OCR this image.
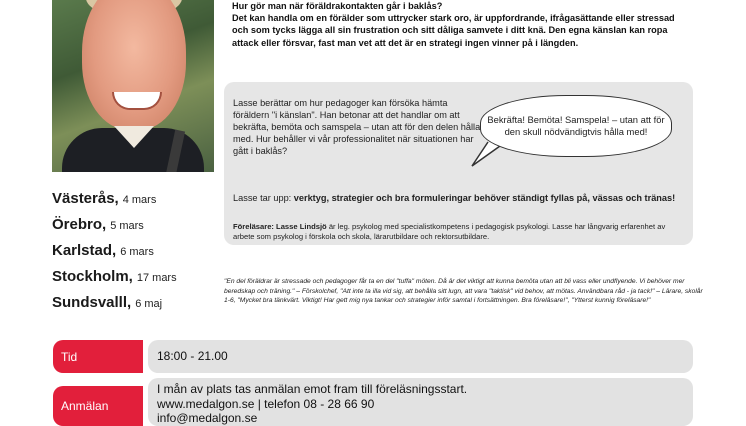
Hur gör man när föräldrakontakten går i baklås?

Det kan handla om en förälder som uttrycker stark oro, är uppfordrande, ifrågasättande eller stressad och som tycks lägga all sin frustration och sitt dåliga samvete i ditt knä. Den egna känslan kan ropa attack eller försvar, fast man vet att det är en strategi ingen vinner på i längden.

Lasse berättar om hur pedagoger kan försöka hämta föräldern "i känslan". Han betonar att det handlar om att bekräfta, bemöta och samspela – utan att för den delen hålla med. Hur behåller vi vår professionalitet när situationen har gått i baklås?
Bekräfta! Bemöta! Samspela! – utan att för den skull nödvändigtvis hålla med!
Lasse tar upp: verktyg, strategier och bra formuleringar behöver ständigt fyllas på, vässas och tränas!
Föreläsare: Lasse Lindsjö är leg. psykolog med specialistkompetens i pedagogisk psykologi. Lasse har långvarig erfarenhet av arbete som psykolog i förskola och skola, lärarutbildare och rektorsutbildare.
"En del föräldrar är stressade och pedagoger får ta en del "tuffa" möten. Då är det viktigt att kunna bemöta utan att bli vass eller undflyende. Vi behöver mer beredskap och träning." – Förskolchef, "Att inte ta illa vid sig, att behålla sitt lugn, att vara "taktisk" vid behov, att mötas. Användbara råd - ja tack!" – Lärare, skolår 1-6, "Mycket bra tänkvärt. Viktigt! Har gett mig nya tankar och strategier inför samtal i fortsättningen. Bra föreläsare!", "Ytterst kunnig föreläsare!"
Västerås, 4 mars
Örebro, 5 mars
Karlstad, 6 mars
Stockholm, 17 mars
Sundsvalll, 6 maj
Tid	18:00 - 21.00
Anmälan
I mån av plats tas anmälan emot fram till föreläsningsstart.
www.medalgon.se | telefon 08 - 28 66 90
info@medalgon.se
